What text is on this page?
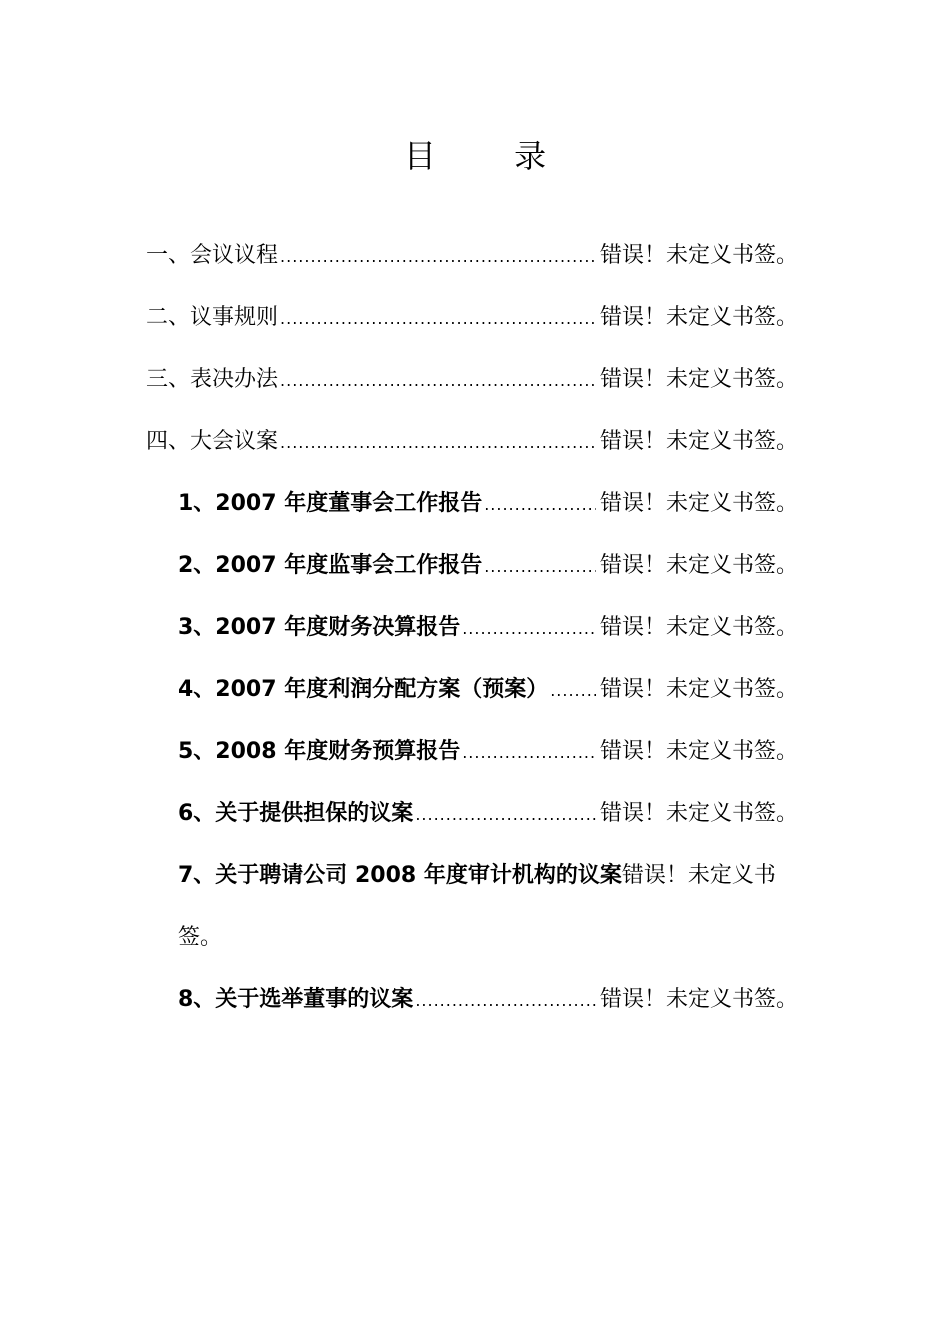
目 录
一、会议议程 .....	错误！未定义书签。
二、议事规则 .....	错误！未定义书签。
三、表决办法 .....	错误！未定义书签。
四、大会议案 .....	错误！未定义书签。
1、2007 年度董事会工作报告 .....	错误！未定义书签。
2、2007 年度监事会工作报告 .....	错误！未定义书签。
3、2007 年度财务决算报告 .....	错误！未定义书签。
4、2007 年度利润分配方案（预案） ..... 错误！未定义书签。
5、2008 年度财务预算报告 .....	错误！未定义书签。
6、关于提供担保的议案 .....	错误！未定义书签。
7、关于聘请公司 2008 年度审计机构的议案错误！未定义书
签。
8、关于选举董事的议案 .....	错误！未定义书签。
